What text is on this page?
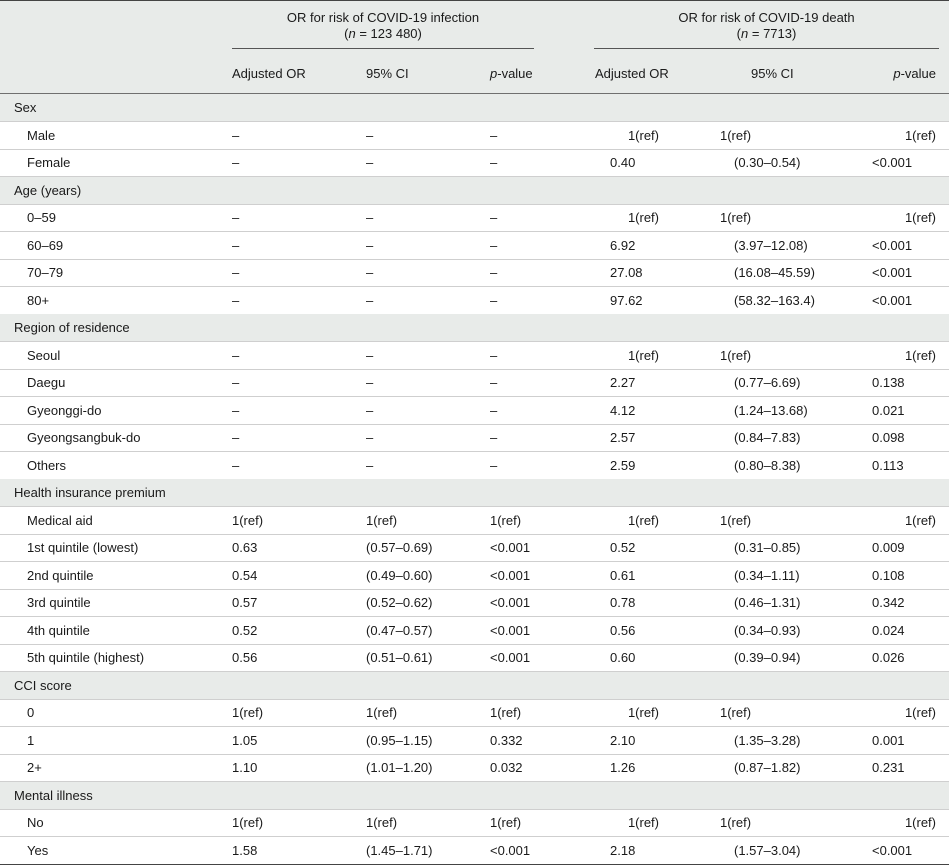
OR for risk of COVID-19 infection
(n = 123 480)
OR for risk of COVID-19 death
(n = 7713)
Adjusted OR	95% CI	p-value	Adjusted OR	95% CI	p-value
Sex
Male	–	–	–	1(ref)	1(ref)	1(ref)
Female	–	–	–	0.40	(0.30–0.54)	<0.001
Age (years)
0–59	–	–	–	1(ref)	1(ref)	1(ref)
60–69	–	–	–	6.92	(3.97–12.08)	<0.001
70–79	–	–	–	27.08	(16.08–45.59)	<0.001
80+	–	–	–	97.62	(58.32–163.4)	<0.001
Region of residence
Seoul	–	–	–	1(ref)	1(ref)	1(ref)
Daegu	–	–	–	2.27	(0.77–6.69)	0.138
Gyeonggi-do	–	–	–	4.12	(1.24–13.68)	0.021
Gyeongsangbuk-do	–	–	–	2.57	(0.84–7.83)	0.098
Others	–	–	–	2.59	(0.80–8.38)	0.113
Health insurance premium
Medical aid	1(ref)	1(ref)	1(ref)	1(ref)	1(ref)	1(ref)
1st quintile (lowest)	0.63	(0.57–0.69)	<0.001	0.52	(0.31–0.85)	0.009
2nd quintile	0.54	(0.49–0.60)	<0.001	0.61	(0.34–1.11)	0.108
3rd quintile	0.57	(0.52–0.62)	<0.001	0.78	(0.46–1.31)	0.342
4th quintile	0.52	(0.47–0.57)	<0.001	0.56	(0.34–0.93)	0.024
5th quintile (highest)	0.56	(0.51–0.61)	<0.001	0.60	(0.39–0.94)	0.026
CCI score
0	1(ref)	1(ref)	1(ref)	1(ref)	1(ref)	1(ref)
1	1.05	(0.95–1.15)	0.332	2.10	(1.35–3.28)	0.001
2+	1.10	(1.01–1.20)	0.032	1.26	(0.87–1.82)	0.231
Mental illness
No	1(ref)	1(ref)	1(ref)	1(ref)	1(ref)	1(ref)
Yes	1.58	(1.45–1.71)	<0.001	2.18	(1.57–3.04)	<0.001
